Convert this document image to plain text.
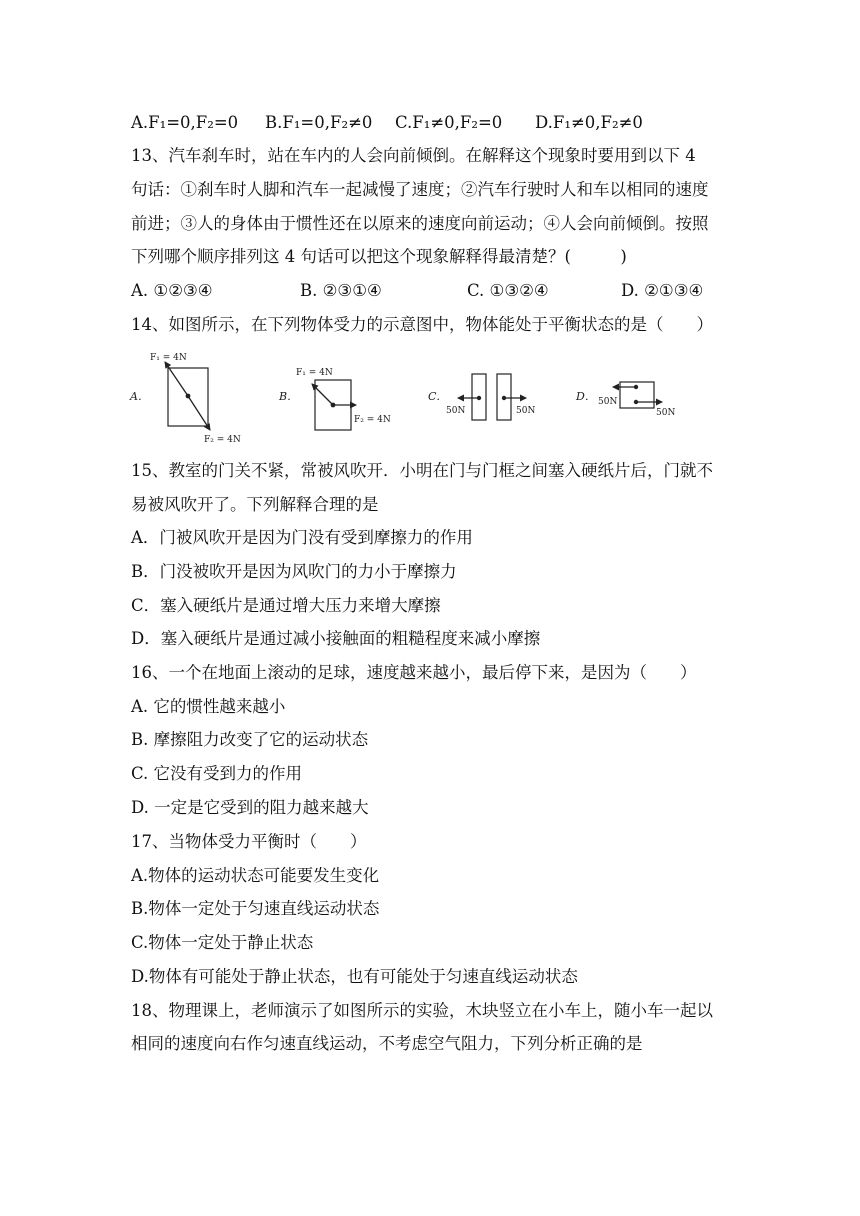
A.F₁=0,F₂=0 B.F₁=0,F₂≠0 C.F₁≠0,F₂=0 D.F₁≠0,F₂≠0
13、汽车刹车时，站在车内的人会向前倾倒。在解释这个现象时要用到以下 4
句话：①刹车时人脚和汽车一起减慢了速度；②汽车行驶时人和车以相同的速度
前进；③人的身体由于惯性还在以原来的速度向前运动；④人会向前倾倒。按照
下列哪个顺序排列这 4 句话可以把这个现象解释得最清楚？(　　　)
A. ①②③④	B. ②③①④	C. ①③②④	D. ②①③④
14、如图所示，在下列物体受力的示意图中，物体能处于平衡状态的是（　　）
A．
F₁ = 4N
F₂ = 4N
B．
F₁ = 4N
F₂ = 4N
C．
50N	50N
D． 50N
50N
15、教室的门关不紧，常被风吹开．小明在门与门框之间塞入硬纸片后，门就不
易被风吹开了。下列解释合理的是
A．门被风吹开是因为门没有受到摩擦力的作用
B．门没被吹开是因为风吹门的力小于摩擦力
C．塞入硬纸片是通过增大压力来增大摩擦
D．塞入硬纸片是通过减小接触面的粗糙程度来减小摩擦
16、一个在地面上滚动的足球，速度越来越小，最后停下来，是因为（　　）
A. 它的惯性越来越小
B. 摩擦阻力改变了它的运动状态
C. 它没有受到力的作用
D. 一定是它受到的阻力越来越大
17、当物体受力平衡时（　　）
A.物体的运动状态可能要发生变化
B.物体一定处于匀速直线运动状态
C.物体一定处于静止状态
D.物体有可能处于静止状态，也有可能处于匀速直线运动状态
18、物理课上，老师演示了如图所示的实验，木块竖立在小车上，随小车一起以
相同的速度向右作匀速直线运动，不考虑空气阻力，下列分析正确的是
